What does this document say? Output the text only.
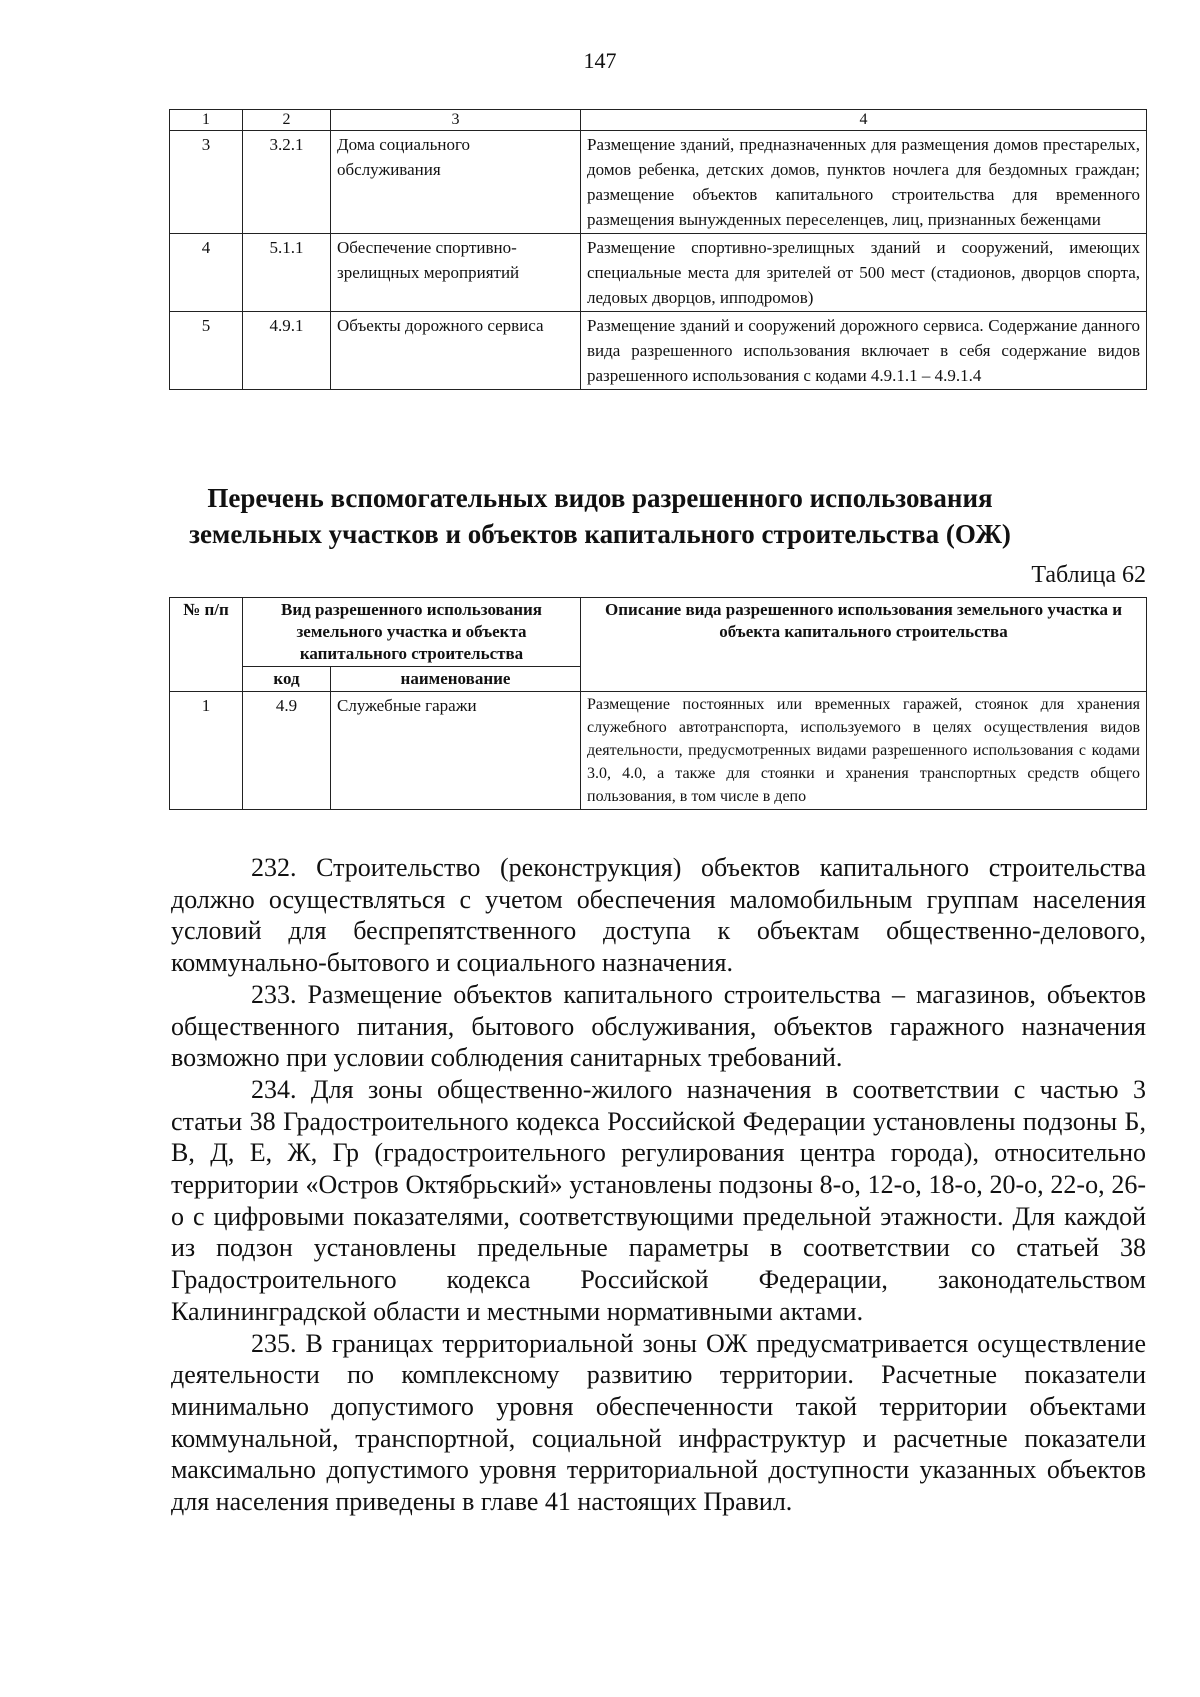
147
1	2	3	4
3	3.2.1	Дома социального обслуживания	Размещение зданий, предназначенных для размещения домов престарелых, домов ребенка, детских домов, пунктов ночлега для бездомных граждан; размещение объектов капитального строительства для временного размещения вынужденных переселенцев, лиц, признанных беженцами
4	5.1.1	Обеспечение спортивно-зрелищных мероприятий	Размещение спортивно-зрелищных зданий и сооружений, имеющих специальные места для зрителей от 500 мест (стадионов, дворцов спорта, ледовых дворцов, ипподромов)
5	4.9.1	Объекты дорожного сервиса	Размещение зданий и сооружений дорожного сервиса. Содержание данного вида разрешенного использования включает в себя содержание видов разрешенного использования с кодами 4.9.1.1 – 4.9.1.4
Перечень вспомогательных видов разрешенного использования
земельных участков и объектов капитального строительства (ОЖ)
Таблица 62
№ п/п	Вид разрешенного использования земельного участка и объекта капитального строительства		Описание вида разрешенного использования земельного участка и объекта капитального строительства
	код	наименование	
1	4.9	Служебные гаражи	Размещение постоянных или временных гаражей, стоянок для хранения служебного автотранспорта, используемого в целях осуществления видов деятельности, предусмотренных видами разрешенного использования с кодами 3.0, 4.0, а также для стоянки и хранения транспортных средств общего пользования, в том числе в депо

232. Строительство (реконструкция) объектов капитального строительства должно осуществляться с учетом обеспечения маломобильным группам населения условий для беспрепятственного доступа к объектам общественно-делового, коммунально-бытового и социального назначения.

233. Размещение объектов капитального строительства – магазинов, объектов общественного питания, бытового обслуживания, объектов гаражного назначения возможно при условии соблюдения санитарных требований.

234. Для зоны общественно-жилого назначения в соответствии с частью 3 статьи 38 Градостроительного кодекса Российской Федерации установлены подзоны Б, В, Д, Е, Ж, Гр (градостроительного регулирования центра города), относительно территории «Остров Октябрьский» установлены подзоны 8-о, 12-о, 18-о, 20-о, 22-о, 26-о с цифровыми показателями, соответствующими предельной этажности. Для каждой из подзон установлены предельные параметры в соответствии со статьей 38 Градостроительного кодекса Российской Федерации, законодательством Калининградской области и местными нормативными актами.

235. В границах территориальной зоны ОЖ предусматривается осуществление деятельности по комплексному развитию территории. Расчетные показатели минимально допустимого уровня обеспеченности такой территории объектами коммунальной, транспортной, социальной инфраструктур и расчетные показатели максимально допустимого уровня территориальной доступности указанных объектов для населения приведены в главе 41 настоящих Правил.
